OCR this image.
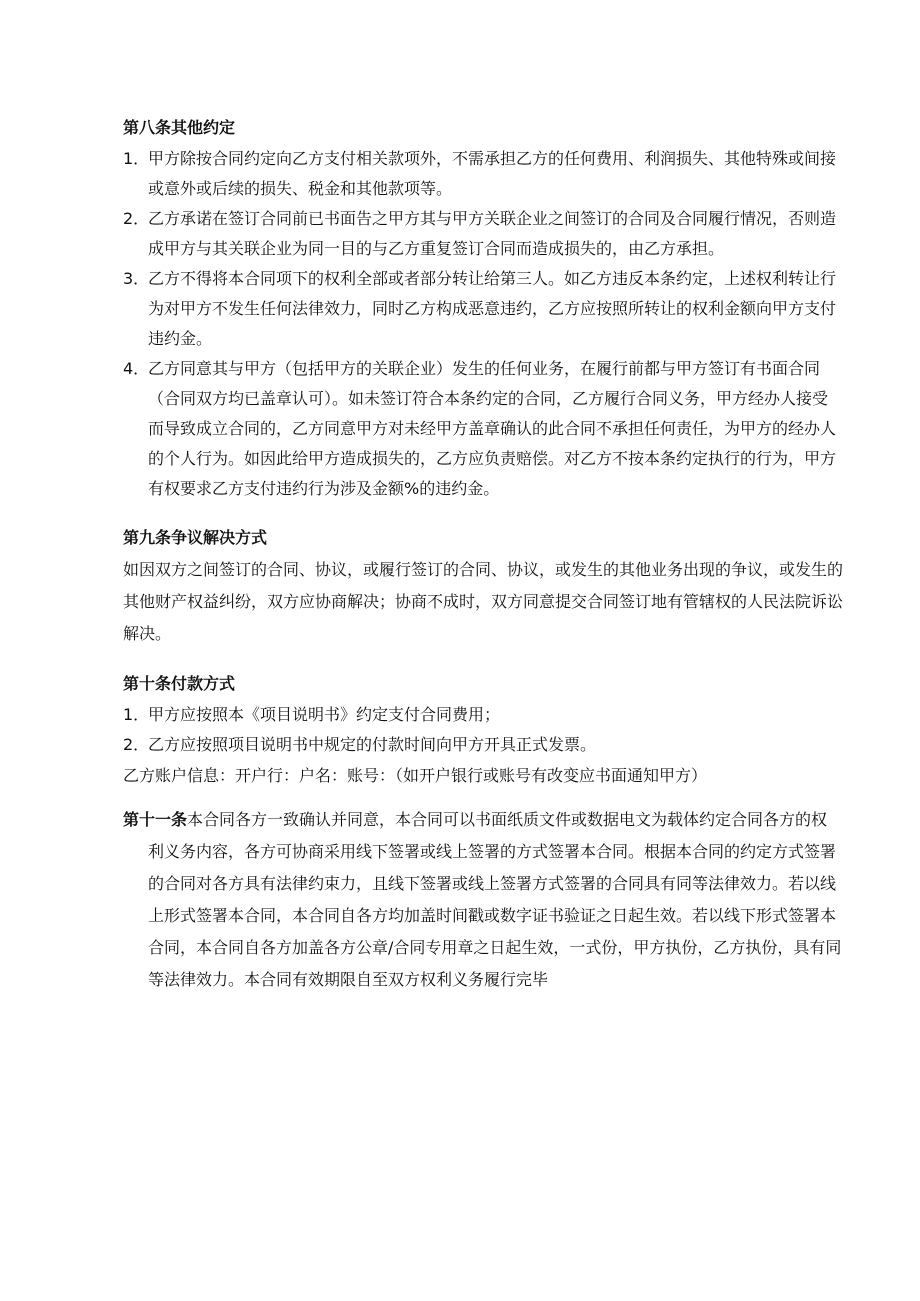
第八条其他约定

1．
甲方除按合同约定向乙方支付相关款项外，不需承担乙方的任何费用、利润损失、其他特殊或间接或意外或后续的损失、税金和其他款项等。

2．
乙方承诺在签订合同前已书面告之甲方其与甲方关联企业之间签订的合同及合同履行情况，否则造成甲方与其关联企业为同一目的与乙方重复签订合同而造成损失的，由乙方承担。

3．
乙方不得将本合同项下的权利全部或者部分转让给第三人。如乙方违反本条约定，上述权利转让行为对甲方不发生任何法律效力，同时乙方构成恶意违约，乙方应按照所转让的权利金额向甲方支付违约金。

4．
乙方同意其与甲方（包括甲方的关联企业）发生的任何业务，在履行前都与甲方签订有书面合同（合同双方均已盖章认可）。如未签订符合本条约定的合同，乙方履行合同义务，甲方经办人接受而导致成立合同的，乙方同意甲方对未经甲方盖章确认的此合同不承担任何责任，为甲方的经办人的个人行为。如因此给甲方造成损失的，乙方应负责赔偿。对乙方不按本条约定执行的行为，甲方有权要求乙方支付违约行为涉及金额%的违约金。

第九条争议解决方式

如因双方之间签订的合同、协议，或履行签订的合同、协议，或发生的其他业务出现的争议，或发生的其他财产权益纠纷，双方应协商解决；协商不成时，双方同意提交合同签订地有管辖权的人民法院诉讼解决。

第十条付款方式

1．
甲方应按照本《项目说明书》约定支付合同费用；

2．
乙方应按照项目说明书中规定的付款时间向甲方开具正式发票。

乙方账户信息：开户行：户名：账号：（如开户银行或账号有改变应书面通知甲方）

第十一条本合同各方一致确认并同意，本合同可以书面纸质文件或数据电文为载体约定合同各方的权利义务内容，各方可协商采用线下签署或线上签署的方式签署本合同。根据本合同的约定方式签署的合同对各方具有法律约束力，且线下签署或线上签署方式签署的合同具有同等法律效力。若以线上形式签署本合同，本合同自各方均加盖时间戳或数字证书验证之日起生效。若以线下形式签署本合同，本合同自各方加盖各方公章/合同专用章之日起生效，一式份，甲方执份，乙方执份，具有同等法律效力。本合同有效期限自至双方权利义务履行完毕
